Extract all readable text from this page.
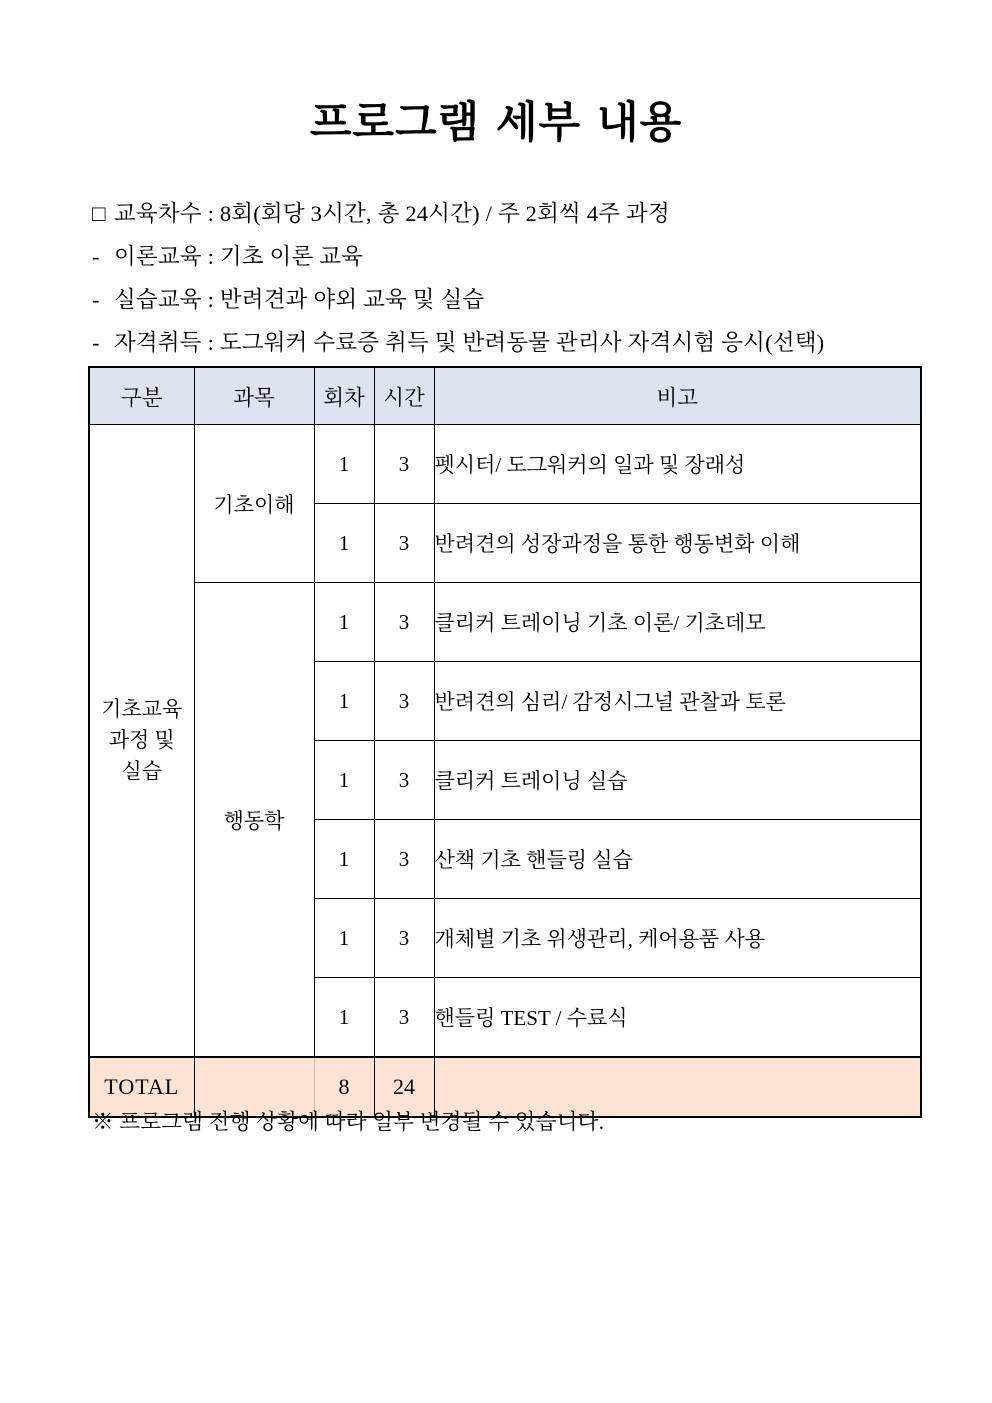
프로그램 세부 내용
□ 교육차수 : 8회(회당 3시간, 총 24시간) / 주 2회씩 4주 과정
- 이론교육 : 기초 이론 교육
- 실습교육 : 반려견과 야외 교육 및 실습
- 자격취득 : 도그워커 수료증 취득 및 반려동물 관리사 자격시험 응시(선택)
구분	과목	회차	시간	비고

기초교육
과정 및
실습	기초이해	1	3	펫시터/ 도그워커의 일과 및 장래성
		1	3	반려견의 성장과정을 통한 행동변화 이해
	행동학	1	3	클리커 트레이닝 기초 이론/ 기초데모
		1	3	반려견의 심리/ 감정시그널 관찰과 토론
		1	3	클리커 트레이닝 실습
		1	3	산책 기초 핸들링 실습
		1	3	개체별 기초 위생관리, 케어용품 사용
		1	3	핸들링 TEST / 수료식
TOTAL		8	24	
※ 프로그램 진행 상황에 따라 일부 변경될 수 있습니다.
